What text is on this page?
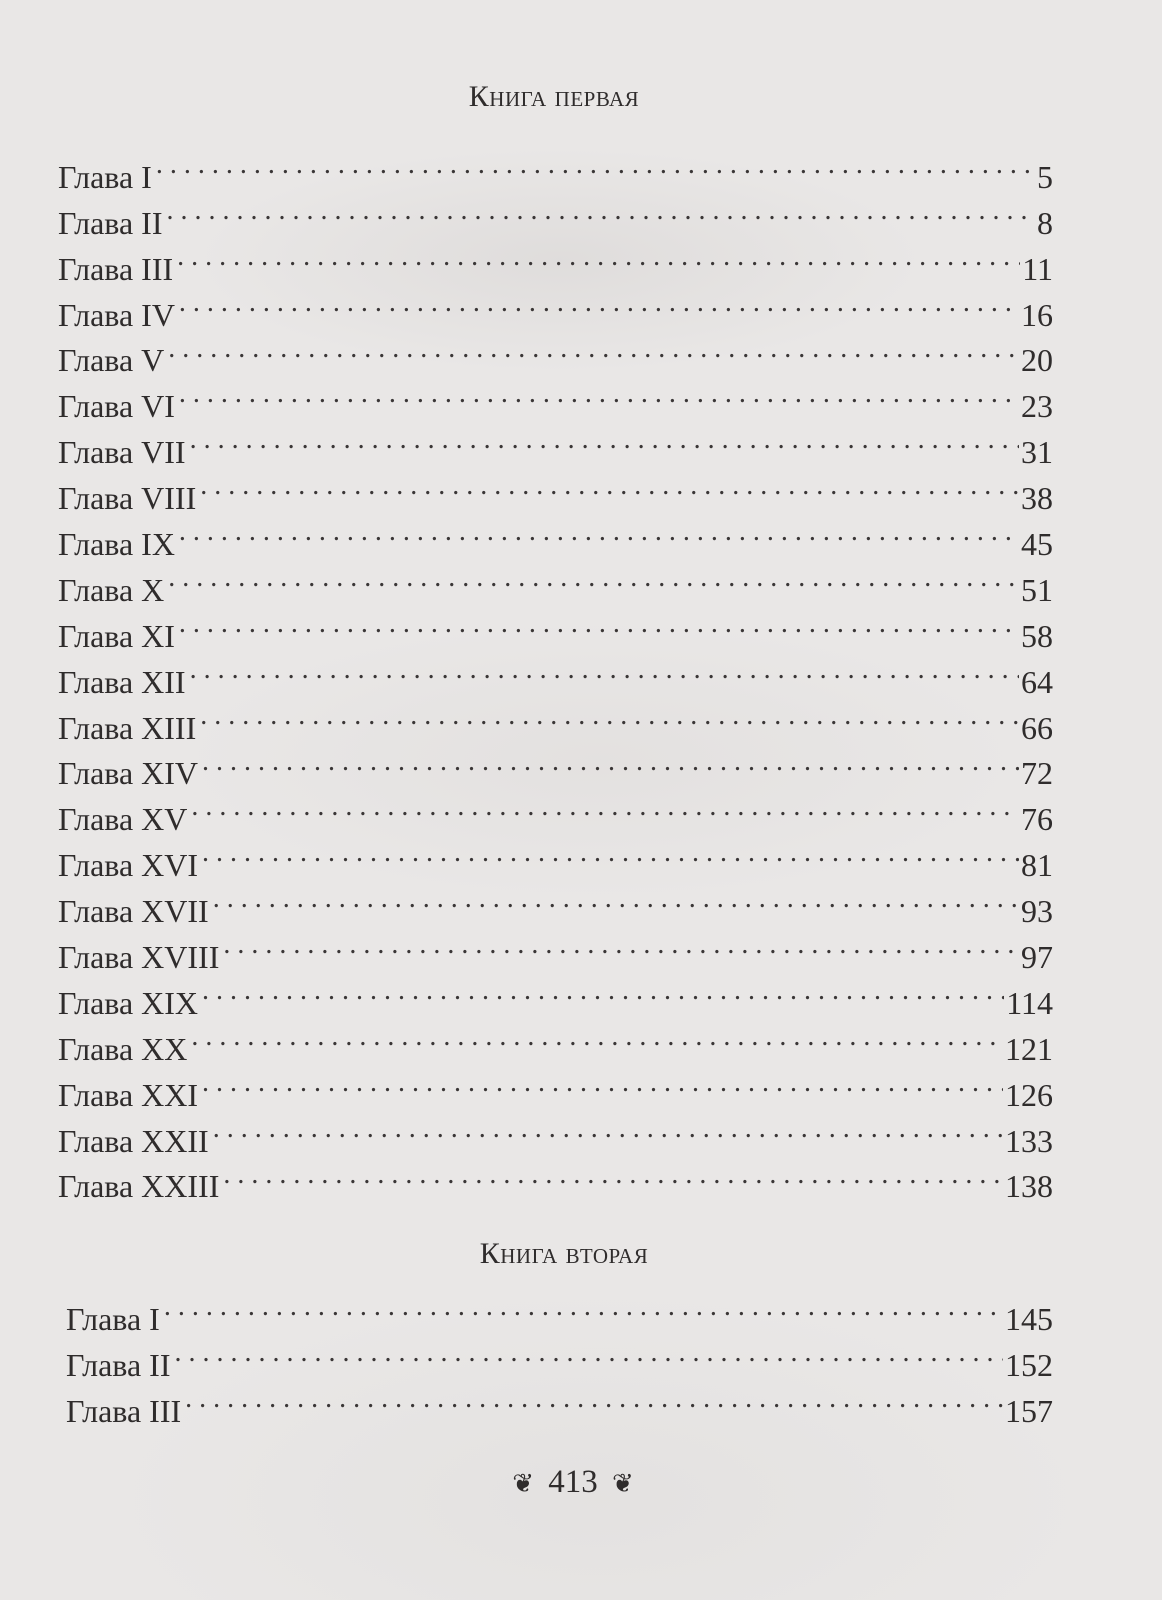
Книга первая
Глава I . . .	5
Глава II . . .	8
Глава III . . .	11
Глава IV . . .	16
Глава V . . .	20
Глава VI . . .	23
Глава VII . . .	31
Глава VIII . . .	38
Глава IX . . .	45
Глава X . . .	51
Глава XI . . .	58
Глава XII . . .	64
Глава XIII . . .	66
Глава XIV . . .	72
Глава XV . . .	76
Глава XVI . . .	81
Глава XVII . . .	93
Глава XVIII . . .	97
Глава XIX . . .	114
Глава XX . . .	121
Глава XXI . . .	126
Глава XXII . . .	133
Глава XXIII . . .	138
Книга вторая
Глава I . . .	145
Глава II . . .	152
Глава III . . .	157
❦ 413 ❦
